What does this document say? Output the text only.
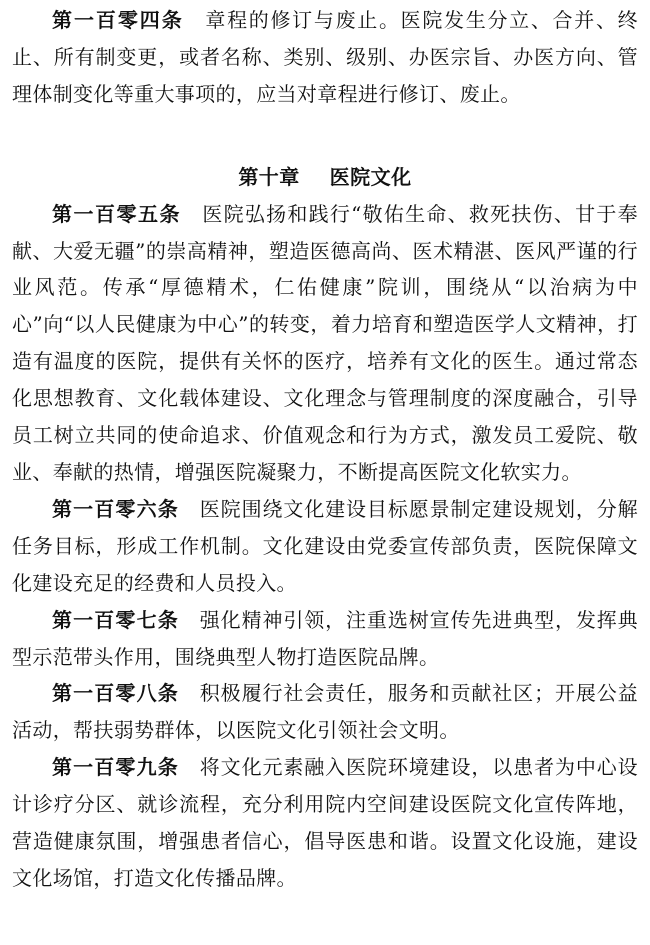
第一百零四条　 章程的修订与废止。医院发生分立、合并、终止、所有制变更，或者名称、类别、级别、办医宗旨、办医方向、管理体制变化等重大事项的，应当对章程进行修订、废止。

第十章 医院文化

第一百零五条　 医院弘扬和践行“敬佑生命、救死扶伤、甘于奉献、大爱无疆”的崇高精神，塑造医德高尚、医术精湛、医风严谨的行业风范。传承“厚德精术，仁佑健康”院训，围绕从“以治病为中心”向“以人民健康为中心”的转变，着力培育和塑造医学人文精神，打造有温度的医院，提供有关怀的医疗，培养有文化的医生。通过常态化思想教育、文化载体建设、文化理念与管理制度的深度融合，引导员工树立共同的使命追求、价值观念和行为方式，激发员工爱院、敬业、奉献的热情，增强医院凝聚力，不断提高医院文化软实力。

第一百零六条　 医院围绕文化建设目标愿景制定建设规划，分解任务目标，形成工作机制。文化建设由党委宣传部负责，医院保障文化建设充足的经费和人员投入。

第一百零七条　 强化精神引领，注重选树宣传先进典型，发挥典型示范带头作用，围绕典型人物打造医院品牌。

第一百零八条　 积极履行社会责任，服务和贡献社区；开展公益活动，帮扶弱势群体，以医院文化引领社会文明。

第一百零九条　 将文化元素融入医院环境建设，以患者为中心设计诊疗分区、就诊流程，充分利用院内空间建设医院文化宣传阵地，营造健康氛围，增强患者信心，倡导医患和谐。设置文化设施，建设文化场馆，打造文化传播品牌。
